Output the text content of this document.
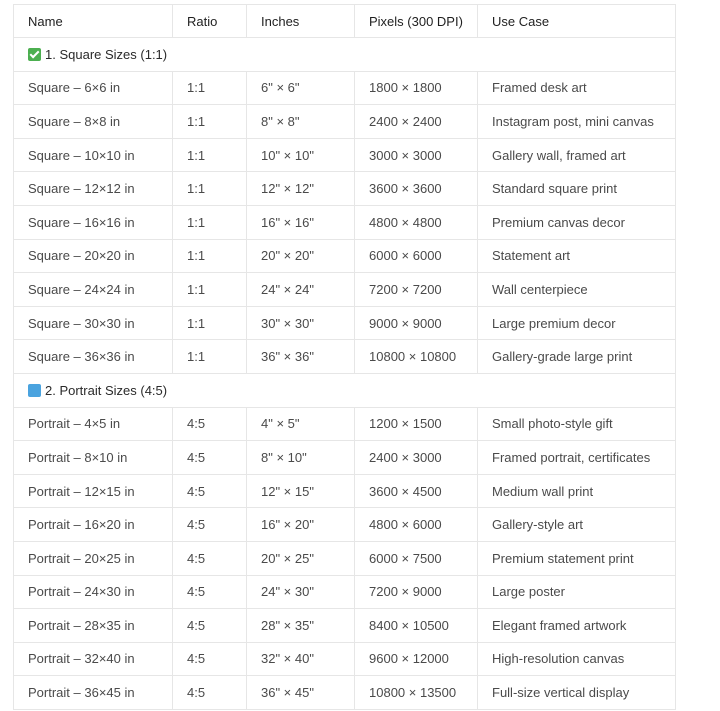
Name	Ratio	Inches	Pixels (300 DPI)	Use Case
1. Square Sizes (1:1)				
Square – 6×6 in	1:1	6" × 6"	1800 × 1800	Framed desk art
Square – 8×8 in	1:1	8" × 8"	2400 × 2400	Instagram post, mini canvas
Square – 10×10 in	1:1	10" × 10"	3000 × 3000	Gallery wall, framed art
Square – 12×12 in	1:1	12" × 12"	3600 × 3600	Standard square print
Square – 16×16 in	1:1	16" × 16"	4800 × 4800	Premium canvas decor
Square – 20×20 in	1:1	20" × 20"	6000 × 6000	Statement art
Square – 24×24 in	1:1	24" × 24"	7200 × 7200	Wall centerpiece
Square – 30×30 in	1:1	30" × 30"	9000 × 9000	Large premium decor
Square – 36×36 in	1:1	36" × 36"	10800 × 10800	Gallery-grade large print
2. Portrait Sizes (4:5)				
Portrait – 4×5 in	4:5	4" × 5"	1200 × 1500	Small photo-style gift
Portrait – 8×10 in	4:5	8" × 10"	2400 × 3000	Framed portrait, certificates
Portrait – 12×15 in	4:5	12" × 15"	3600 × 4500	Medium wall print
Portrait – 16×20 in	4:5	16" × 20"	4800 × 6000	Gallery-style art
Portrait – 20×25 in	4:5	20" × 25"	6000 × 7500	Premium statement print
Portrait – 24×30 in	4:5	24" × 30"	7200 × 9000	Large poster
Portrait – 28×35 in	4:5	28" × 35"	8400 × 10500	Elegant framed artwork
Portrait – 32×40 in	4:5	32" × 40"	9600 × 12000	High-resolution canvas
Portrait – 36×45 in	4:5	36" × 45"	10800 × 13500	Full-size vertical display
